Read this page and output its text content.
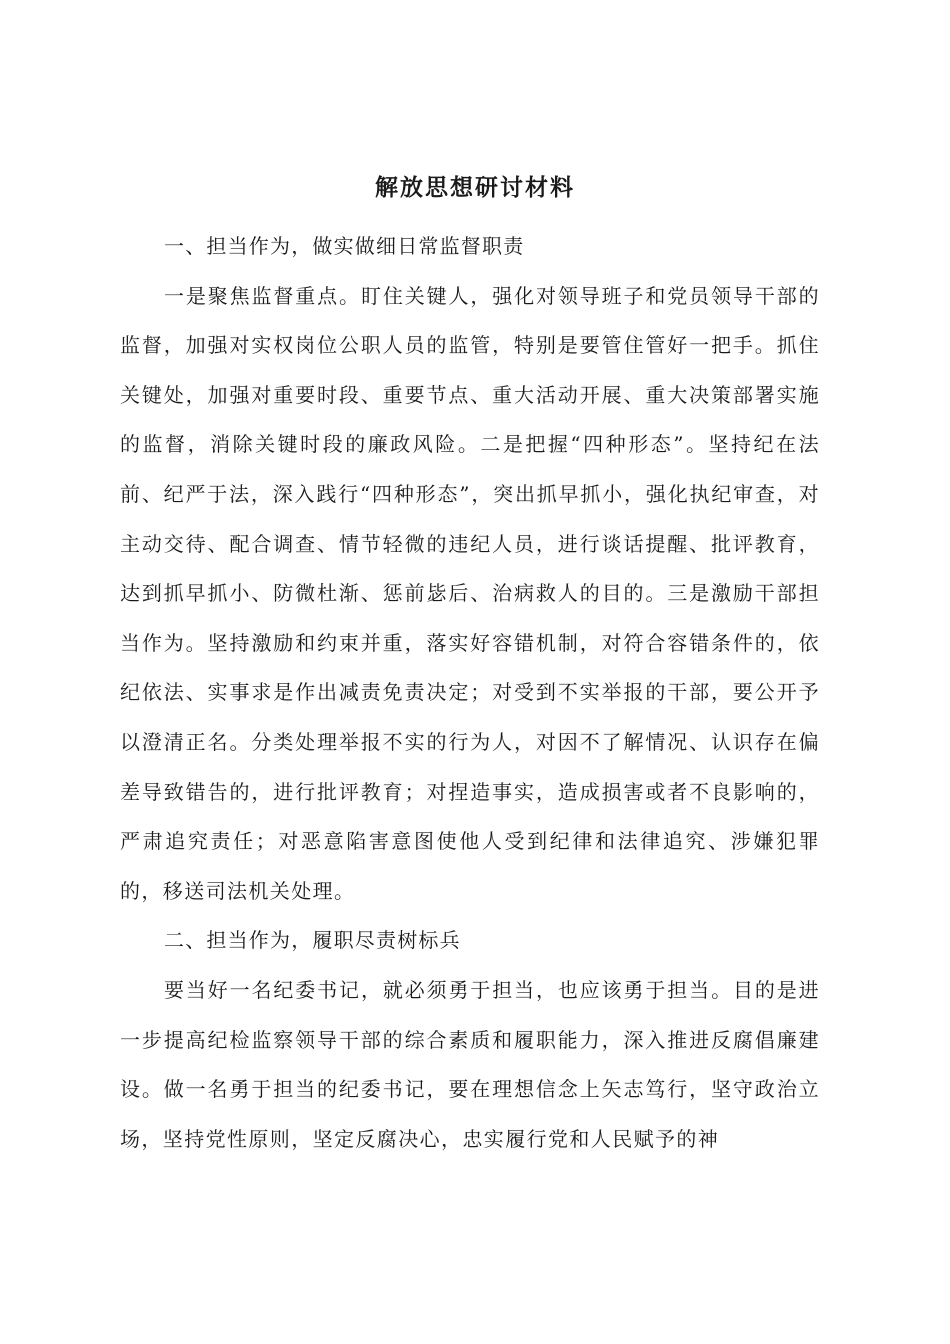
解放思想研讨材料

一、担当作为，做实做细日常监督职责

一是聚焦监督重点。盯住关键人，强化对领导班子和党员领导干部的监督，加强对实权岗位公职人员的监管，特别是要管住管好一把手。抓住关键处，加强对重要时段、重要节点、重大活动开展、重大决策部署实施的监督，消除关键时段的廉政风险。二是把握“四种形态”。坚持纪在法前、纪严于法，深入践行“四种形态”，突出抓早抓小，强化执纪审查，对主动交待、配合调查、情节轻微的违纪人员，进行谈话提醒、批评教育，达到抓早抓小、防微杜渐、惩前毖后、治病救人的目的。三是激励干部担当作为。坚持激励和约束并重，落实好容错机制，对符合容错条件的，依纪依法、实事求是作出减责免责决定；对受到不实举报的干部，要公开予以澄清正名。分类处理举报不实的行为人，对因不了解情况、认识存在偏差导致错告的，进行批评教育；对捏造事实，造成损害或者不良影响的，严肃追究责任；对恶意陷害意图使他人受到纪律和法律追究、涉嫌犯罪的，移送司法机关处理。

二、担当作为，履职尽责树标兵

要当好一名纪委书记，就必须勇于担当，也应该勇于担当。目的是进一步提高纪检监察领导干部的综合素质和履职能力，深入推进反腐倡廉建设。做一名勇于担当的纪委书记，要在理想信念上矢志笃行，坚守政治立场，坚持党性原则，坚定反腐决心，忠实履行党和人民赋予的神
